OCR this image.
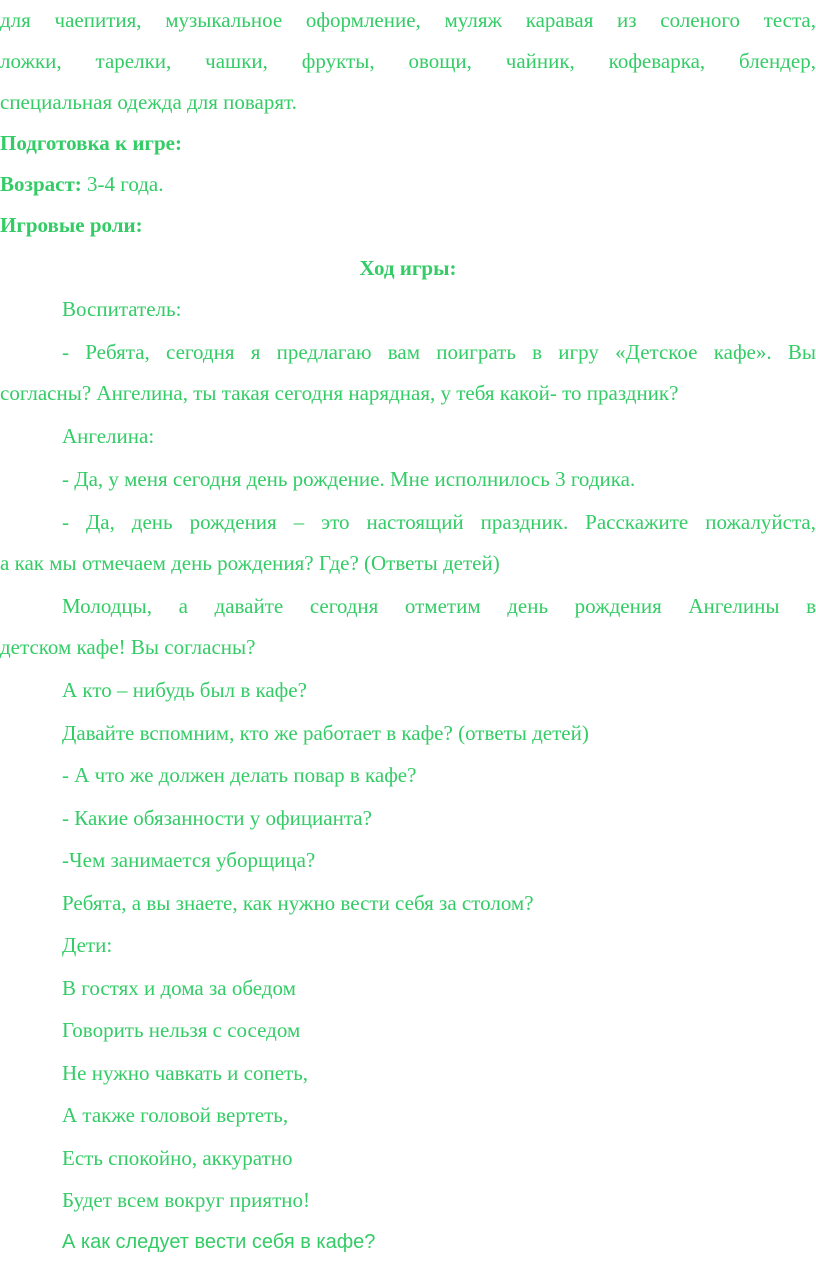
для чаепития, музыкальное оформление, муляж каравая из соленого теста,
ложки, тарелки, чашки, фрукты, овощи, чайник, кофеварка, блендер,
специальная одежда для поварят.
Подготовка к игре:
Возраст: 3-4 года.
Игровые роли:
Ход игры:
Воспитатель:
- Ребята, сегодня я предлагаю вам поиграть в игру «Детское кафе». Вы
согласны? Ангелина, ты такая сегодня нарядная, у тебя какой- то праздник?
Ангелина:
- Да, у меня сегодня день рождение. Мне исполнилось 3 годика.
- Да, день рождения – это настоящий праздник. Расскажите пожалуйста,
а как мы отмечаем день рождения? Где? (Ответы детей)
Молодцы, а давайте сегодня отметим день рождения Ангелины в
детском кафе! Вы согласны?
А кто – нибудь был в кафе?
Давайте вспомним, кто же работает в кафе? (ответы детей)
- А что же должен делать повар в кафе?
- Какие обязанности у официанта?
-Чем занимается уборщица?
Ребята, а вы знаете, как нужно вести себя за столом?
Дети:
В гостях и дома за обедом
Говорить нельзя с соседом
Не нужно чавкать и сопеть,
А также головой вертеть,
Есть спокойно, аккуратно
Будет всем вокруг приятно!
А как следует вести себя в кафе?
